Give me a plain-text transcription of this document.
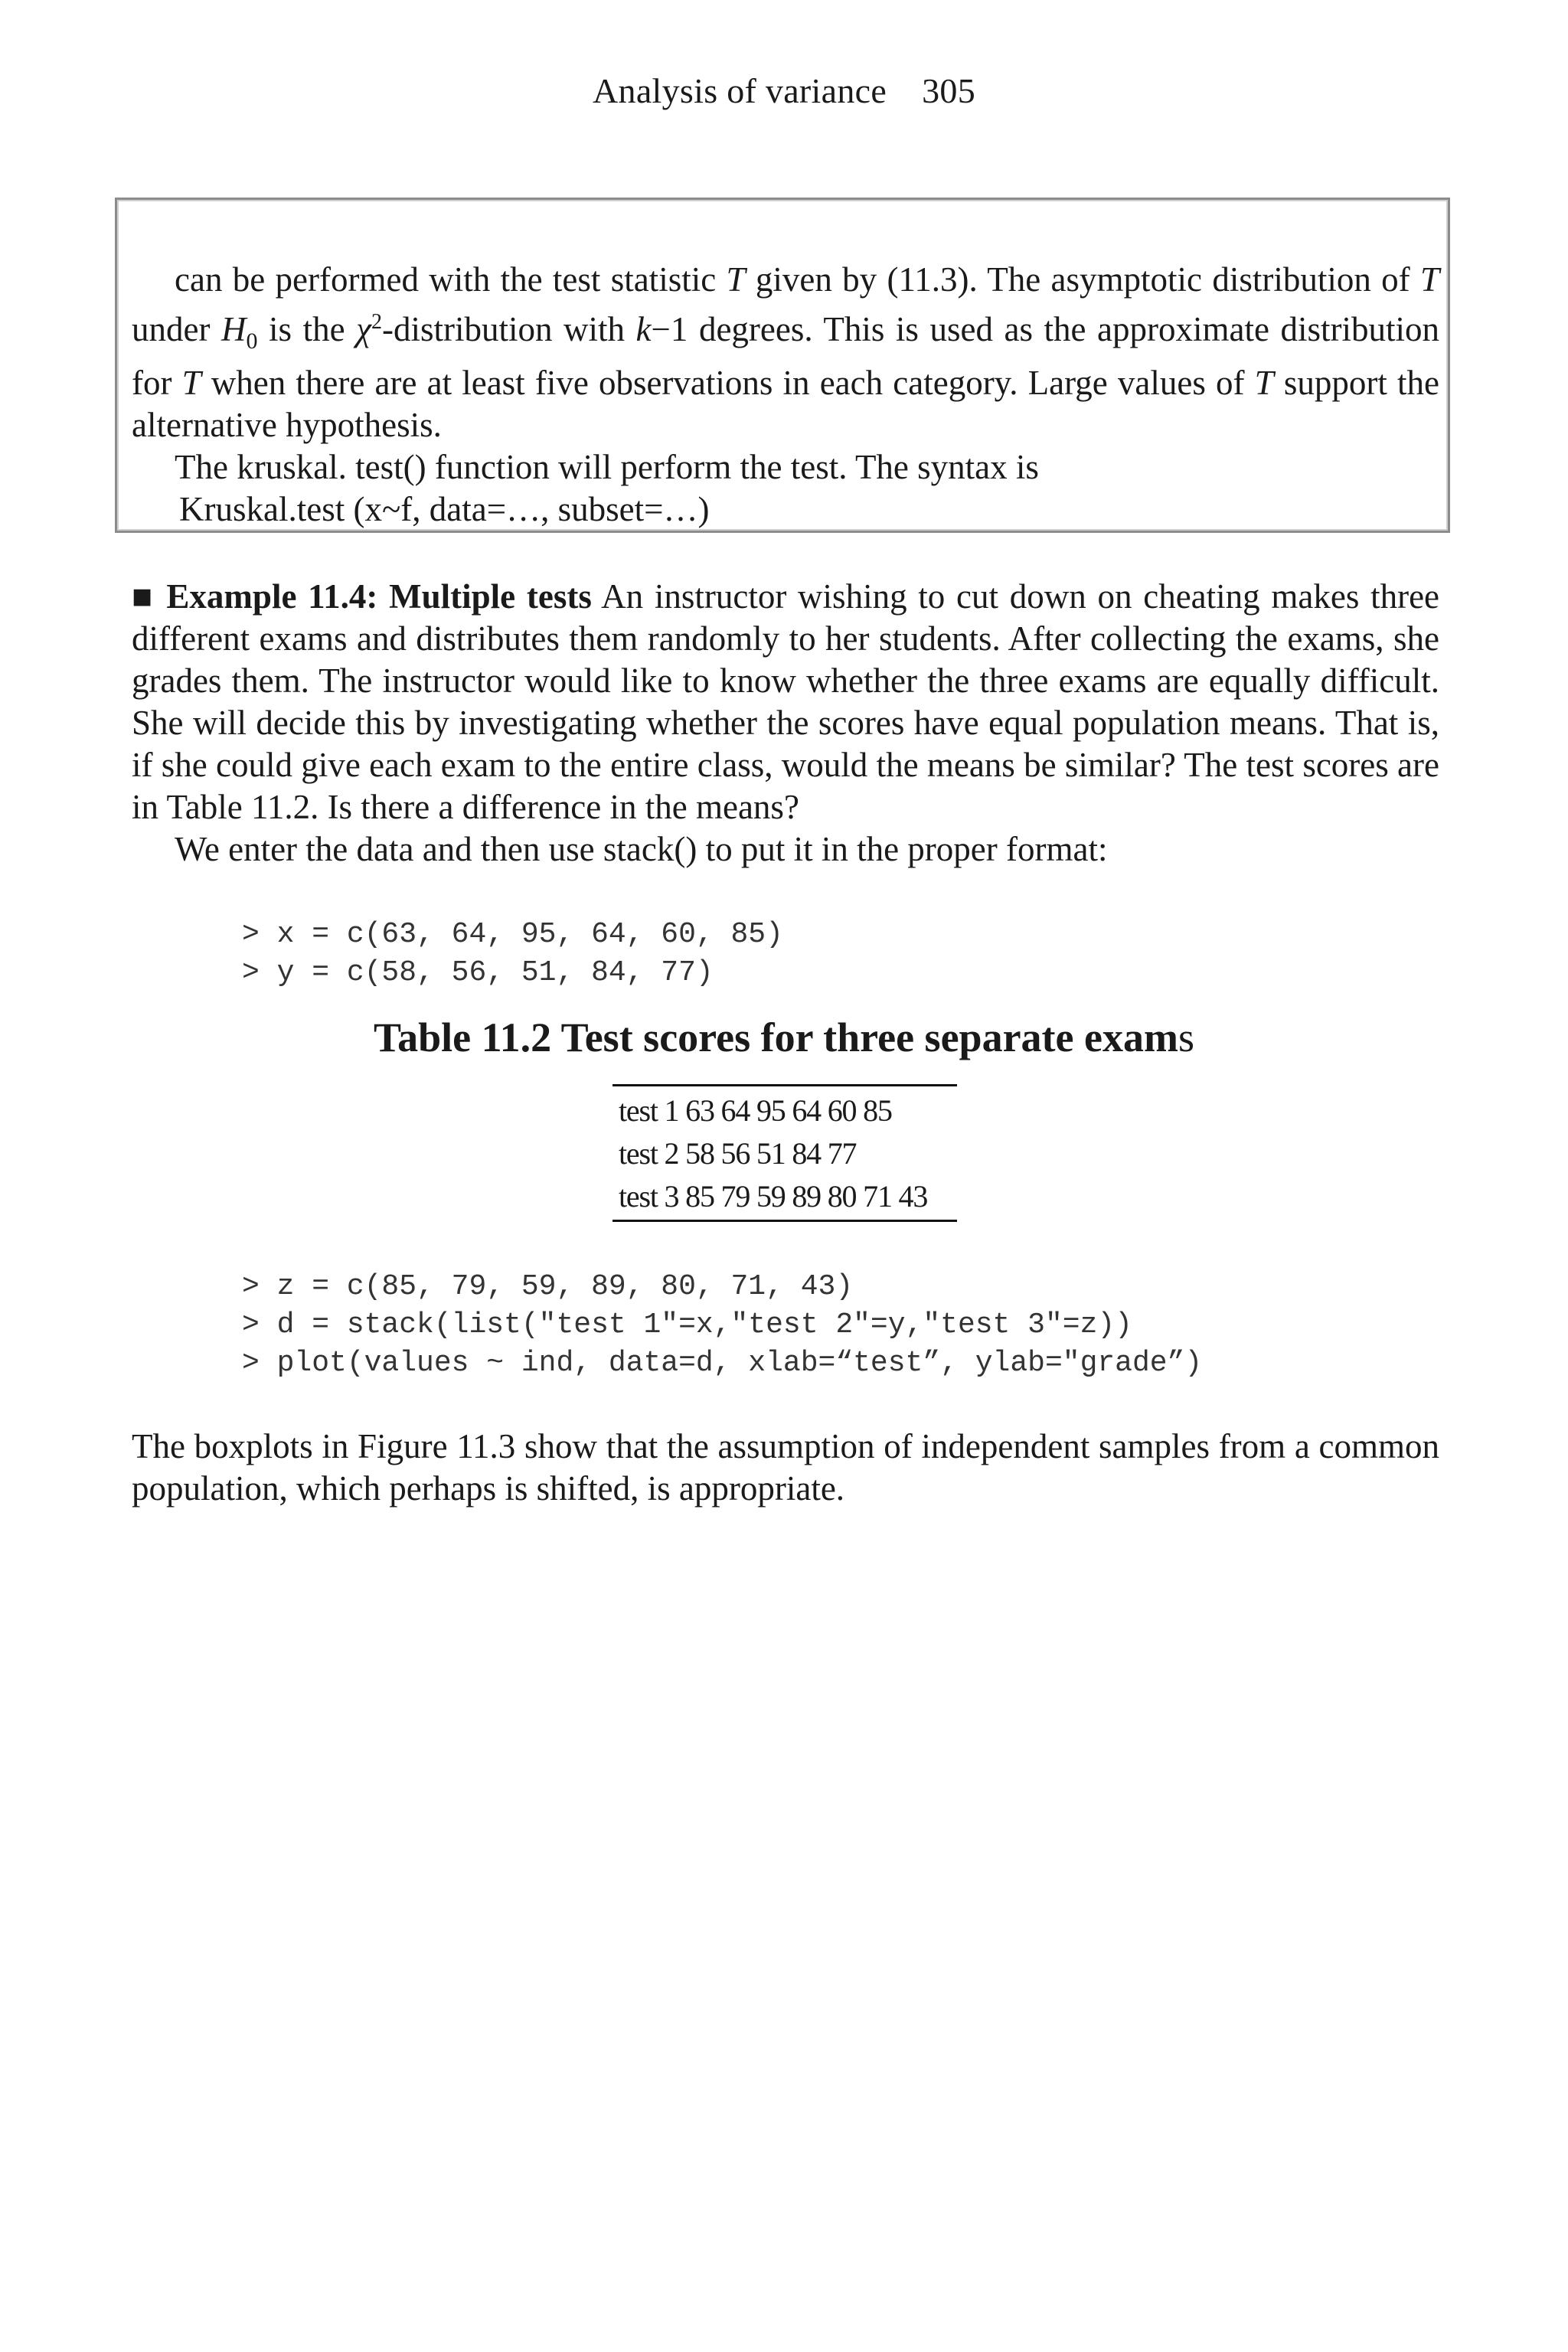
Analysis of variance 305

can be performed with the test statistic T given by (11.3). The asymptotic distribution of T under $H_0$ is the $\chi^2$-distribution with k−1 degrees. This is used as the approximate distribution for T when there are at least five observations in each category. Large values of T support the alternative hypothesis.

The kruskal. test() function will perform the test. The syntax is

Kruskal.test (x~f, data=…, subset=…)

■ Example 11.4: Multiple tests An instructor wishing to cut down on cheating makes three different exams and distributes them randomly to her students. After collecting the exams, she grades them. The instructor would like to know whether the three exams are equally difficult. She will decide this by investigating whether the scores have equal population means. That is, if she could give each exam to the entire class, would the means be similar? The test scores are in Table 11.2. Is there a difference in the means?

We enter the data and then use stack() to put it in the proper format:

> x = c(63, 64, 95, 64, 60, 85)
> y = c(58, 56, 51, 84, 77)
Table 11.2 Test scores for three separate exams
test 1 63 64 95 64 60 85
test 2 58 56 51 84 77
test 3 85 79 59 89 80 71 43
> z = c(85, 79, 59, 89, 80, 71, 43)
> d = stack(list("test 1"=x,"test 2"=y,"test 3"=z))
> plot(values ~ ind, data=d, xlab=“test”, ylab="grade”)
The boxplots in Figure 11.3 show that the assumption of independent samples from a common population, which perhaps is shifted, is appropriate.
